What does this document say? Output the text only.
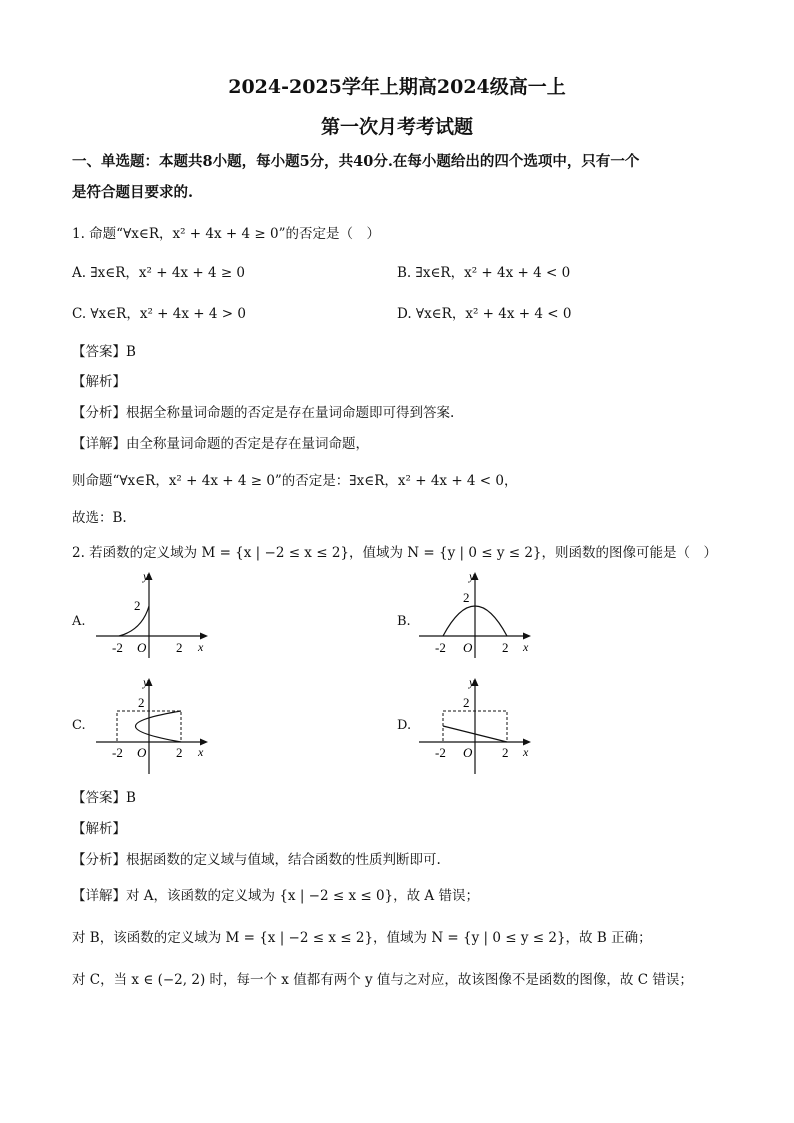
2024-2025学年上期高2024级高一上
第一次月考考试题
一、单选题：本题共8小题，每小题5分，共40分.在每小题给出的四个选项中，只有一个
是符合题目要求的.
1. 命题“∀x∈R，x² + 4x + 4 ≥ 0”的否定是（　）
A. ∃x∈R，x² + 4x + 4 ≥ 0	B. ∃x∈R，x² + 4x + 4 < 0
C. ∀x∈R，x² + 4x + 4 > 0	D. ∀x∈R，x² + 4x + 4 < 0
【答案】B
【解析】
【分析】根据全称量词命题的否定是存在量词命题即可得到答案.
【详解】由全称量词命题的否定是存在量词命题，
则命题“∀x∈R，x² + 4x + 4 ≥ 0”的否定是：∃x∈R，x² + 4x + 4 < 0，
故选：B.
2. 若函数的定义域为 M = {x | −2 ≤ x ≤ 2}，值域为 N = {y | 0 ≤ y ≤ 2}，则函数的图像可能是（　）
A.	B.
C.	D.
y
2
-2 O 2 x
y
2
-2 O 2 x
y
2
-2 O 2 x
y
2
-2 O 2 x
【答案】B
【解析】
【分析】根据函数的定义域与值域，结合函数的性质判断即可.
【详解】对 A，该函数的定义域为 {x | −2 ≤ x ≤ 0}，故 A 错误；
对 B，该函数的定义域为 M = {x | −2 ≤ x ≤ 2}，值域为 N = {y | 0 ≤ y ≤ 2}，故 B 正确；
对 C，当 x ∈ (−2, 2) 时，每一个 x 值都有两个 y 值与之对应，故该图像不是函数的图像，故 C 错误；
